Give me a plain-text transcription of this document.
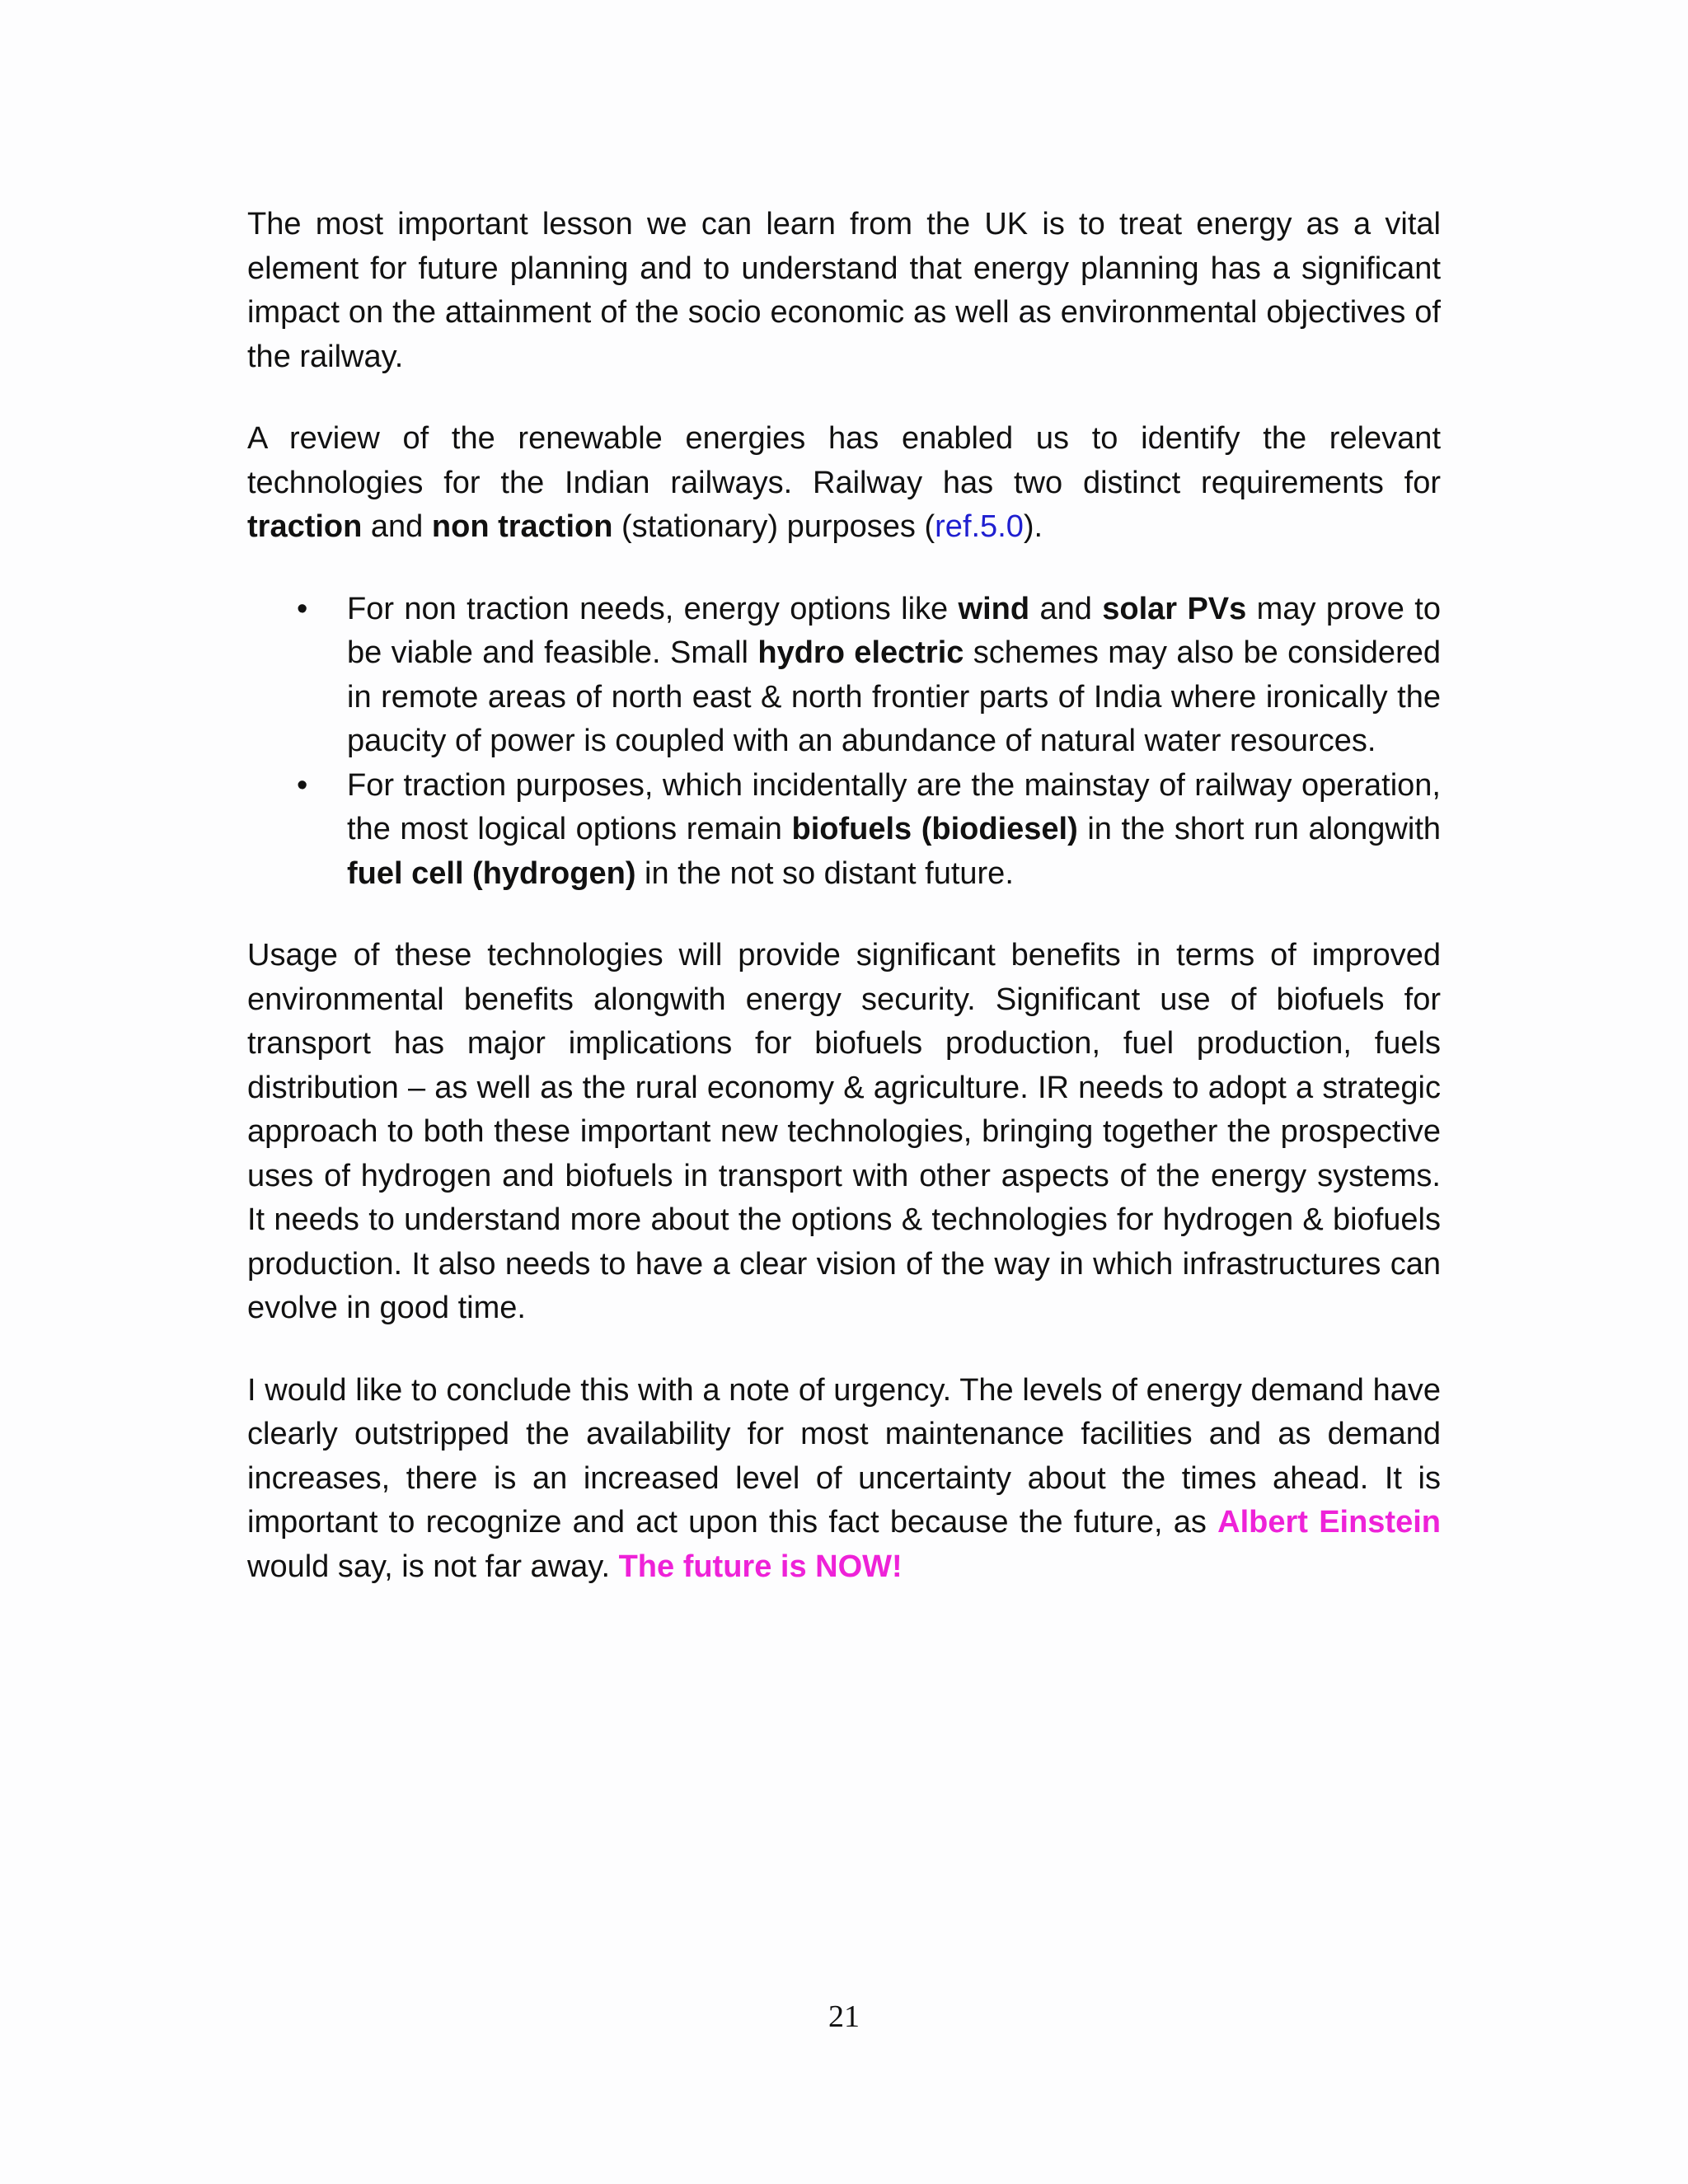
The most important lesson we can learn from the UK is to treat energy as a vital element for future planning and to understand that energy planning has a significant impact on the attainment of the socio economic as well as environmental objectives of the railway.

A review of the renewable energies has enabled us to identify the relevant technologies for the Indian railways. Railway has two distinct requirements for traction and non traction (stationary) purposes (ref.5.0).

• For non traction needs, energy options like wind and solar PVs may prove to be viable and feasible. Small hydro electric schemes may also be considered in remote areas of north east & north frontier parts of India where ironically the paucity of power is coupled with an abundance of natural water resources.
• For traction purposes, which incidentally are the mainstay of railway operation, the most logical options remain biofuels (biodiesel) in the short run alongwith fuel cell (hydrogen) in the not so distant future.

Usage of these technologies will provide significant benefits in terms of improved environmental benefits alongwith energy security. Significant use of biofuels for transport has major implications for biofuels production, fuel production, fuels distribution – as well as the rural economy & agriculture. IR needs to adopt a strategic approach to both these important new technologies, bringing together the prospective uses of hydrogen and biofuels in transport with other aspects of the energy systems. It needs to understand more about the options & technologies for hydrogen & biofuels production. It also needs to have a clear vision of the way in which infrastructures can evolve in good time.

I would like to conclude this with a note of urgency. The levels of energy demand have clearly outstripped the availability for most maintenance facilities and as demand increases, there is an increased level of uncertainty about the times ahead. It is important to recognize and act upon this fact because the future, as Albert Einstein would say, is not far away. The future is NOW!

21
